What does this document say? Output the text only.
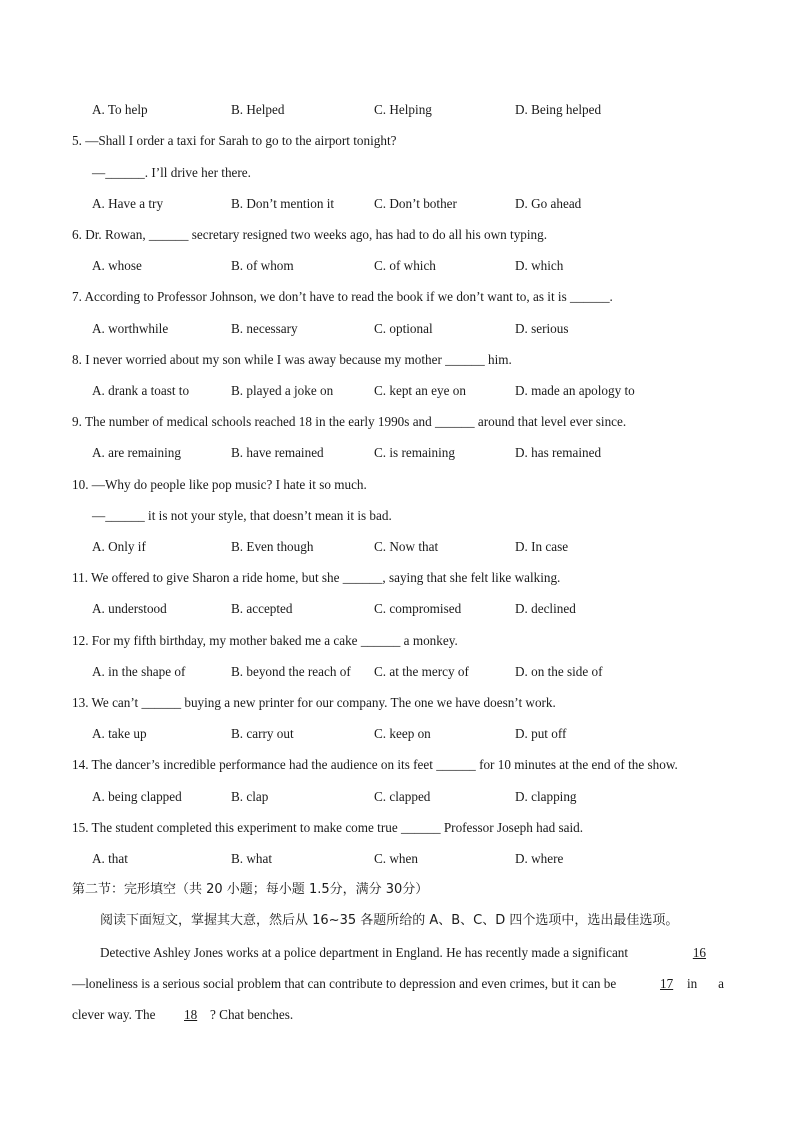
A. To help	B. Helped	C. Helping	D. Being helped
5. —Shall I order a taxi for Sarah to go to the airport tonight?
—______. I’ll drive her there.
A. Have a try	B. Don’t mention it	C. Don’t bother	D. Go ahead
6. Dr. Rowan, ______ secretary resigned two weeks ago, has had to do all his own typing.
A. whose	B. of whom	C. of which	D. which
7. According to Professor Johnson, we don’t have to read the book if we don’t want to, as it is ______.
A. worthwhile	B. necessary	C. optional	D. serious
8. I never worried about my son while I was away because my mother ______ him.
A. drank a toast to	B. played a joke on	C. kept an eye on	D. made an apology to
9. The number of medical schools reached 18 in the early 1990s and ______ around that level ever since.
A. are remaining	B. have remained	C. is remaining	D. has remained
10. —Why do people like pop music? I hate it so much.
—______ it is not your style, that doesn’t mean it is bad.
A. Only if	B. Even though	C. Now that	D. In case
11. We offered to give Sharon a ride home, but she ______, saying that she felt like walking.
A. understood	B. accepted	C. compromised	D. declined
12. For my fifth birthday, my mother baked me a cake ______ a monkey.
A. in the shape of	B. beyond the reach of C. at the mercy of	D. on the side of
13. We can’t ______ buying a new printer for our company. The one we have doesn’t work.
A. take up	B. carry out	C. keep on	D. put off
14. The dancer’s incredible performance had the audience on its feet ______ for 10 minutes at the end of the show.
A. being clapped	B. clap	C. clapped	D. clapping
15. The student completed this experiment to make come true ______ Professor Joseph had said.
A. that	B. what	C. when	D. where
第二节：完形填空（共 20 小题；每小题 1.5分，满分 30分）
阅读下面短文，掌握其大意，然后从 16~35 各题所给的 A、B、C、D 四个选项中，选出最佳选项。
Detective Ashley Jones works at a police department in England. He has recently made a significant	16
—loneliness is a serious social problem that can contribute to depression and even crimes, but it can be	17 in a
clever way. The 18 ? Chat benches.
